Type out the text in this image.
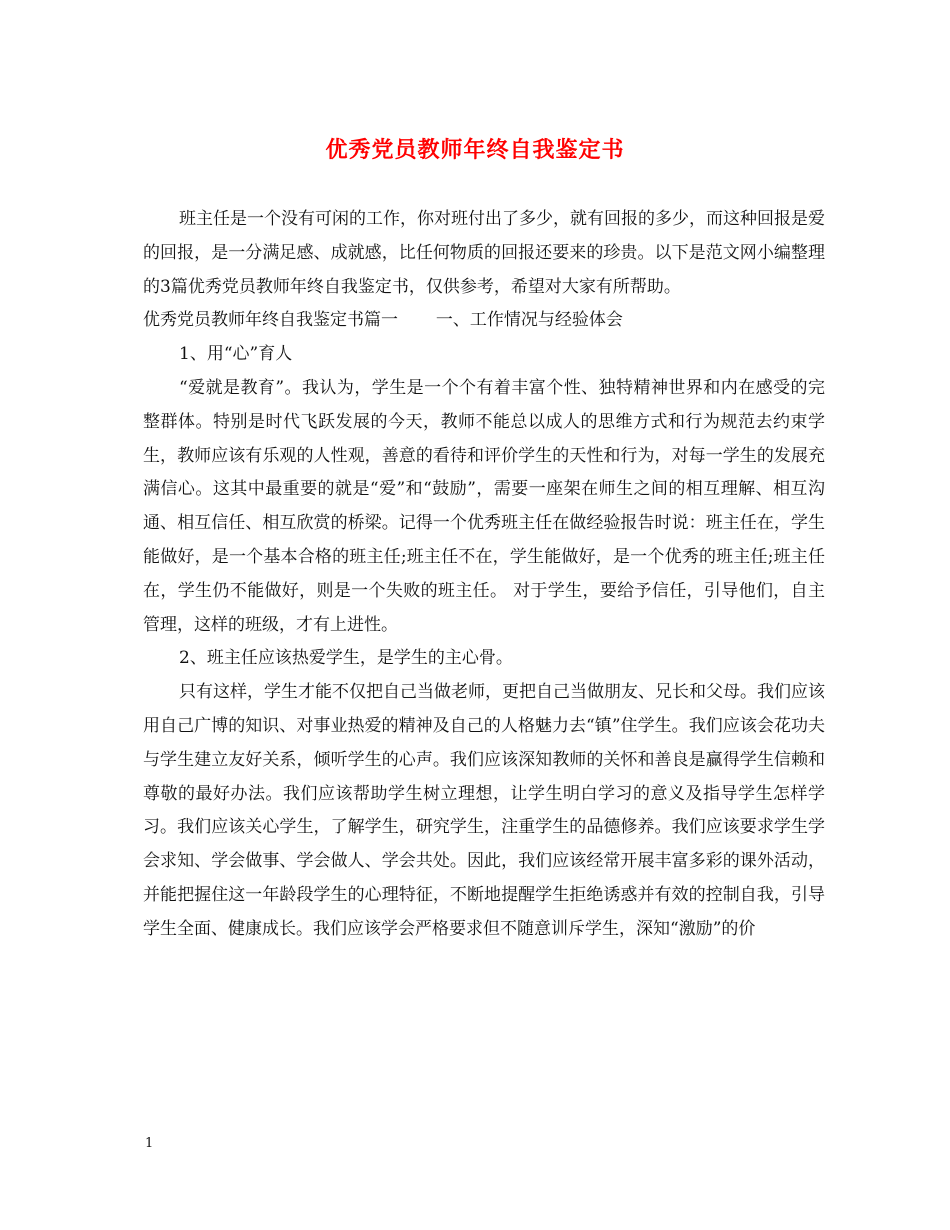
优秀党员教师年终自我鉴定书

班主任是一个没有可闲的工作，你对班付出了多少，就有回报的多少，而这种回报是爱的回报，是一分满足感、成就感，比任何物质的回报还要来的珍贵。以下是范文网小编整理的3篇优秀党员教师年终自我鉴定书，仅供参考，希望对大家有所帮助。

优秀党员教师年终自我鉴定书篇一       一、工作情况与经验体会

1、用“心”育人

“爱就是教育”。我认为，学生是一个个有着丰富个性、独特精神世界和内在感受的完整群体。特别是时代飞跃发展的今天，教师不能总以成人的思维方式和行为规范去约束学生，教师应该有乐观的人性观，善意的看待和评价学生的天性和行为，对每一学生的发展充满信心。这其中最重要的就是“爱”和“鼓励”，需要一座架在师生之间的相互理解、相互沟通、相互信任、相互欣赏的桥梁。记得一个优秀班主任在做经验报告时说：班主任在，学生能做好，是一个基本合格的班主任;班主任不在，学生能做好，是一个优秀的班主任;班主任在，学生仍不能做好，则是一个失败的班主任。 对于学生，要给予信任，引导他们，自主管理，这样的班级，才有上进性。

2、班主任应该热爱学生，是学生的主心骨。

只有这样，学生才能不仅把自己当做老师，更把自己当做朋友、兄长和父母。我们应该用自己广博的知识、对事业热爱的精神及自己的人格魅力去“镇”住学生。我们应该会花功夫与学生建立友好关系，倾听学生的心声。我们应该深知教师的关怀和善良是赢得学生信赖和尊敬的最好办法。我们应该帮助学生树立理想，让学生明白学习的意义及指导学生怎样学习。我们应该关心学生，了解学生，研究学生，注重学生的品德修养。我们应该要求学生学会求知、学会做事、学会做人、学会共处。因此，我们应该经常开展丰富多彩的课外活动，并能把握住这一年龄段学生的心理特征，不断地提醒学生拒绝诱惑并有效的控制自我，引导学生全面、健康成长。我们应该学会严格要求但不随意训斥学生，深知“激励”的价

1
